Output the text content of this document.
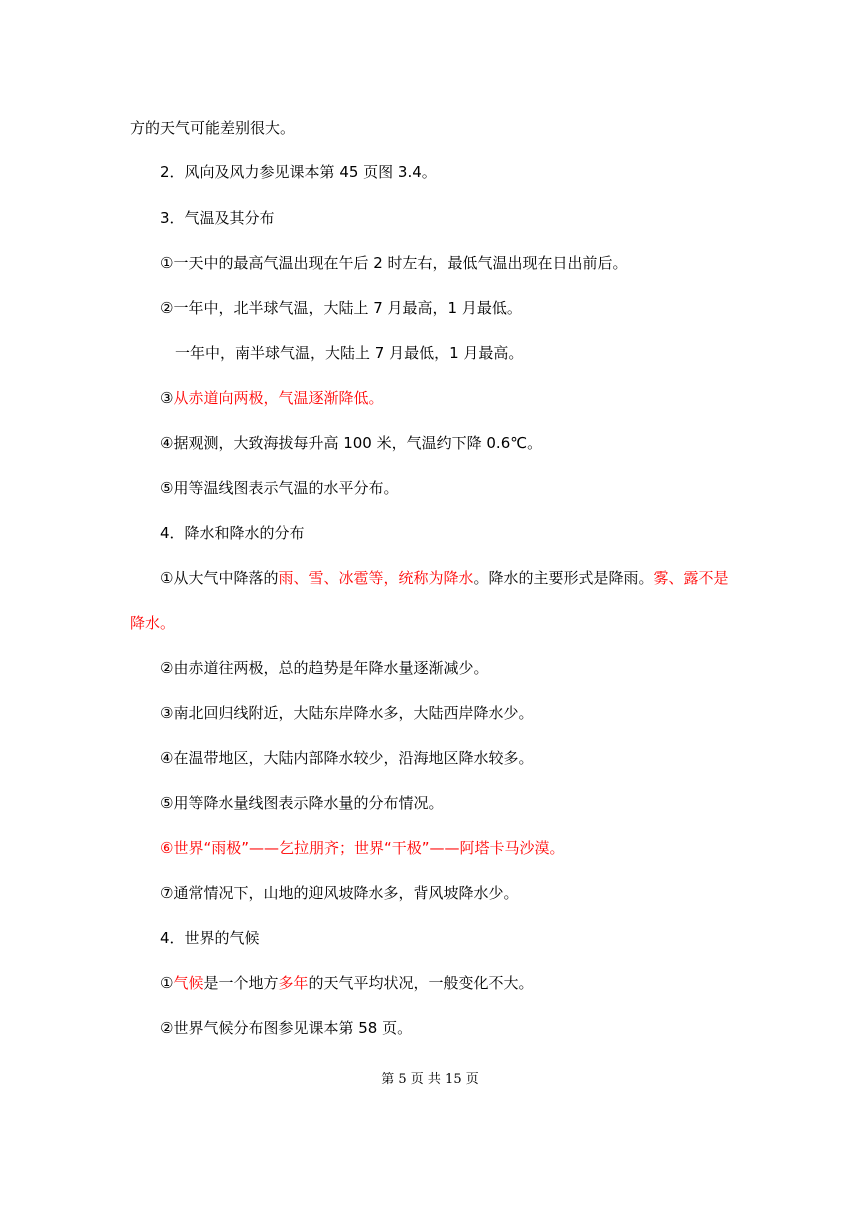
方的天气可能差别很大。
2．风向及风力参见课本第 45 页图 3.4。
3．气温及其分布
①一天中的最高气温出现在午后 2 时左右，最低气温出现在日出前后。
②一年中，北半球气温，大陆上 7 月最高，1 月最低。
一年中，南半球气温，大陆上 7 月最低，1 月最高。
③从赤道向两极，气温逐渐降低。
④据观测，大致海拔每升高 100 米，气温约下降 0.6℃。
⑤用等温线图表示气温的水平分布。
4．降水和降水的分布
①从大气中降落的雨、雪、冰雹等，统称为降水。降水的主要形式是降雨。雾、露不是
降水。
②由赤道往两极，总的趋势是年降水量逐渐减少。
③南北回归线附近，大陆东岸降水多，大陆西岸降水少。
④在温带地区，大陆内部降水较少，沿海地区降水较多。
⑤用等降水量线图表示降水量的分布情况。
⑥世界“雨极”——乞拉朋齐；世界“干极”——阿塔卡马沙漠。
⑦通常情况下，山地的迎风坡降水多，背风坡降水少。
4．世界的气候
①气候是一个地方多年的天气平均状况，一般变化不大。
②世界气候分布图参见课本第 58 页。
第 5 页 共 15 页
